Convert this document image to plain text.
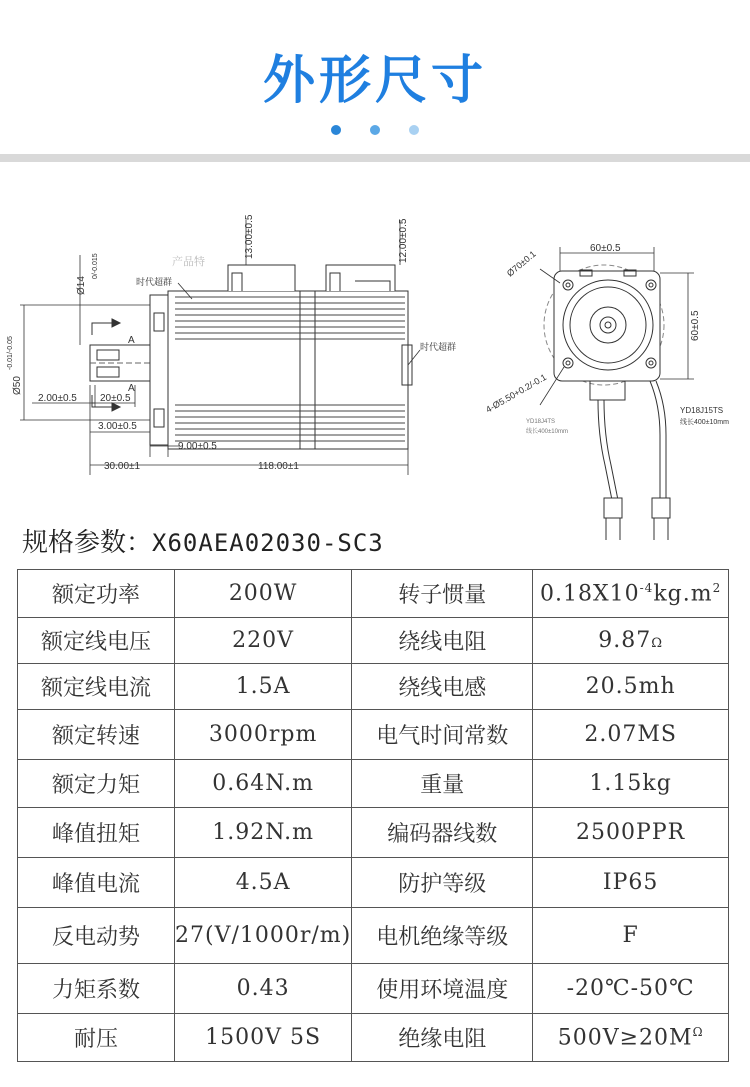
外形尺寸

Ø14
0/-0.015
Ø50
-0.01/-0.05
13.00±0.5	12.00±0.5
2.00±0.5 20±0.5
3.00±0.5
9.00±0.5
30.00±1	118.00±1
A
A
时代超群
时代超群
产品特
60±0.5
60±0.5
Ø70±0.1
4-Ø5.50+0.2/-0.1
YD18J4TS
线长400±10mm
YD18J15TS
线长400±10mm
规格参数：X60AEA02030-SC3
额定功率	200W	转子惯量	$0.18X10^{-4}kg.m^2$
额定线电压	220V	绕线电阻	9.87Ω
额定线电流	1.5A	绕线电感	20.5mh
额定转速	3000rpm	电气时间常数	2.07MS
额定力矩	0.64N.m	重量	1.15kg
峰值扭矩	1.92N.m	编码器线数	2500PPR
峰值电流	4.5A	防护等级	IP65
反电动势	27(V/1000r/m)	电机绝缘等级	F
力矩系数	0.43	使用环境温度	-20℃-50℃
耐压	1500V 5S	绝缘电阻	$500V\ge 20M^\Omega$
